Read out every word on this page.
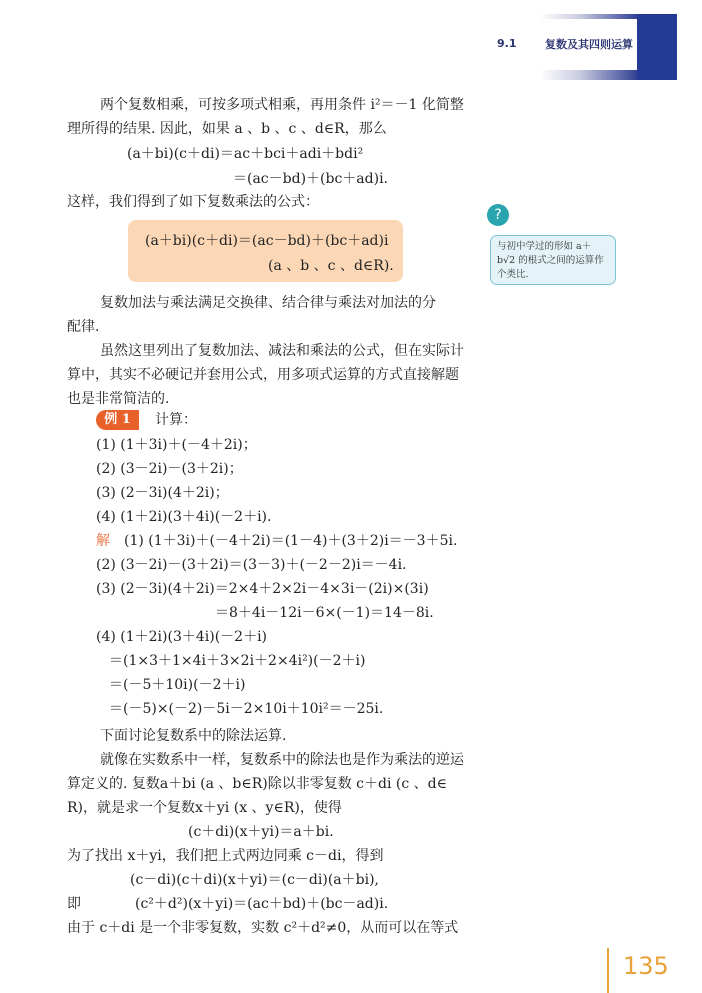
9.1	复数及其四则运算
两个复数相乘，可按多项式相乘，再用条件 i²＝－1 化简整
理所得的结果. 因此，如果 a 、b 、c 、d∈R，那么
(a＋bi)(c＋di)＝ac＋bci＋adi＋bdi²
＝(ac－bd)＋(bc＋ad)i.
这样，我们得到了如下复数乘法的公式：
(a＋bi)(c＋di)＝(ac－bd)＋(bc＋ad)i
(a 、b 、c 、d∈R).
?
与初中学过的形如 a＋b√2 的根式之间的运算作个类比.
复数加法与乘法满足交换律、结合律与乘法对加法的分
配律.
虽然这里列出了复数加法、减法和乘法的公式，但在实际计
算中，其实不必硬记并套用公式，用多项式运算的方式直接解题
也是非常简洁的.
例 1	计算：
(1) (1＋3i)＋(－4＋2i)；
(2) (3－2i)－(3＋2i)；
(3) (2－3i)(4＋2i)；
(4) (1＋2i)(3＋4i)(－2＋i).
解 (1) (1＋3i)＋(－4＋2i)＝(1－4)＋(3＋2)i＝－3＋5i.
(2) (3－2i)－(3＋2i)＝(3－3)＋(－2－2)i＝－4i.
(3) (2－3i)(4＋2i)＝2×4＋2×2i－4×3i－(2i)×(3i)
＝8＋4i－12i－6×(－1)＝14－8i.
(4) (1＋2i)(3＋4i)(－2＋i)
＝(1×3＋1×4i＋3×2i＋2×4i²)(－2＋i)
＝(－5＋10i)(－2＋i)
＝(－5)×(－2)－5i－2×10i＋10i²＝－25i.
下面讨论复数系中的除法运算.
就像在实数系中一样，复数系中的除法也是作为乘法的逆运
算定义的. 复数a＋bi (a 、b∈R)除以非零复数 c＋di (c 、d∈
R)，就是求一个复数x＋yi (x 、y∈R)，使得
(c＋di)(x＋yi)＝a＋bi.
为了找出 x＋yi，我们把上式两边同乘 c－di，得到
(c－di)(c＋di)(x＋yi)＝(c－di)(a＋bi),
即	(c²＋d²)(x＋yi)＝(ac＋bd)＋(bc－ad)i.
由于 c＋di 是一个非零复数，实数 c²＋d²≠0，从而可以在等式
135
